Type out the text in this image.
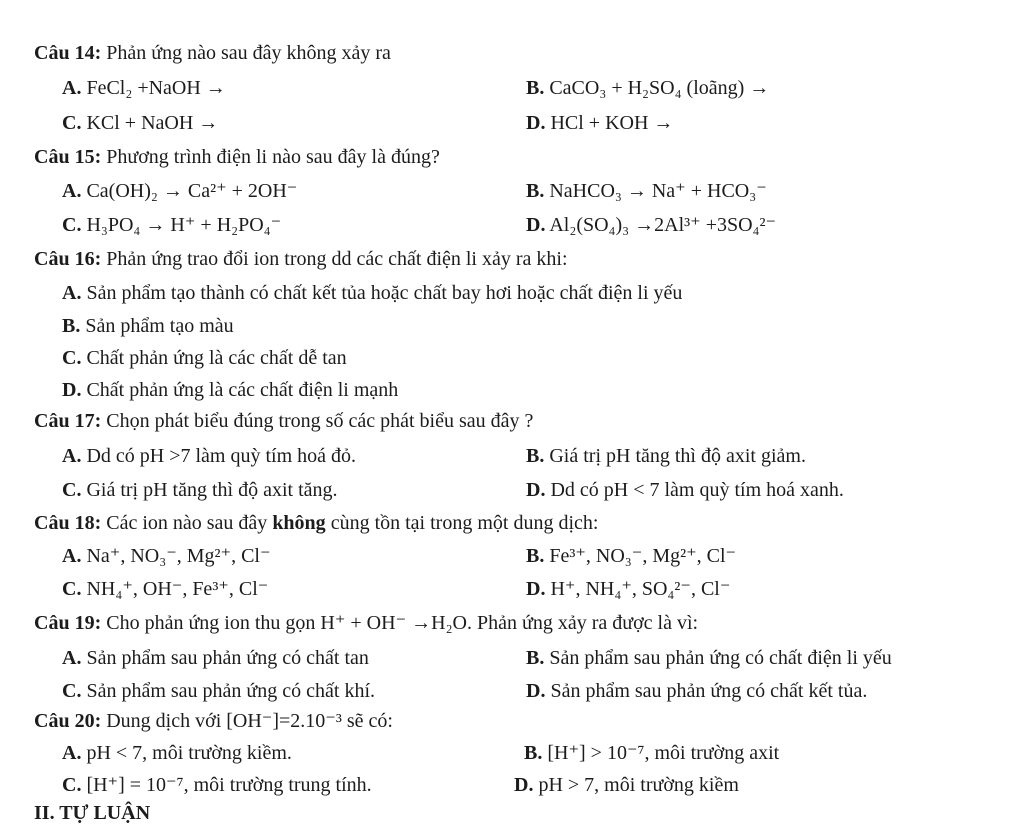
Câu 14: Phản ứng nào sau đây không xảy ra
A. FeCl₂ +NaOH →	B. CaCO₃ + H₂SO₄ (loãng) →
C. KCl + NaOH →	D. HCl + KOH →
Câu 15: Phương trình điện li nào sau đây là đúng?
A. Ca(OH)₂ → Ca²⁺ + 2OH⁻	B. NaHCO₃ → Na⁺ + HCO₃⁻
C. H₃PO₄ → H⁺ + H₂PO₄⁻	D. Al₂(SO₄)₃ →2Al³⁺ +3SO₄²⁻
Câu 16: Phản ứng trao đổi ion trong dd các chất điện li xảy ra khi:
A. Sản phẩm tạo thành có chất kết tủa hoặc chất bay hơi hoặc chất điện li yếu
B. Sản phẩm tạo màu
C. Chất phản ứng là các chất dễ tan
D. Chất phản ứng là các chất điện li mạnh
Câu 17: Chọn phát biểu đúng trong số các phát biểu sau đây ?
A. Dd có pH >7 làm quỳ tím hoá đỏ.	B. Giá trị pH tăng thì độ axit giảm.
C. Giá trị pH tăng thì độ axit tăng.	D. Dd có pH < 7 làm quỳ tím hoá xanh.
Câu 18: Các ion nào sau đây không cùng tồn tại trong một dung dịch:
A. Na⁺, NO₃⁻, Mg²⁺, Cl⁻	B. Fe³⁺, NO₃⁻, Mg²⁺, Cl⁻
C. NH₄⁺, OH⁻, Fe³⁺, Cl⁻	D. H⁺, NH₄⁺, SO₄²⁻, Cl⁻
Câu 19: Cho phản ứng ion thu gọn H⁺ + OH⁻ →H₂O. Phản ứng xảy ra được là vì:
A. Sản phẩm sau phản ứng có chất tan	B. Sản phẩm sau phản ứng có chất điện li yếu
C. Sản phẩm sau phản ứng có chất khí.	D. Sản phẩm sau phản ứng có chất kết tủa.
Câu 20: Dung dịch với [OH⁻]=2.10⁻³ sẽ có:
A. pH < 7, môi trường kiềm.	B. [H⁺] > 10⁻⁷, môi trường axit
C. [H⁺] = 10⁻⁷, môi trường trung tính.	D. pH > 7, môi trường kiềm
II. TỰ LUẬN
